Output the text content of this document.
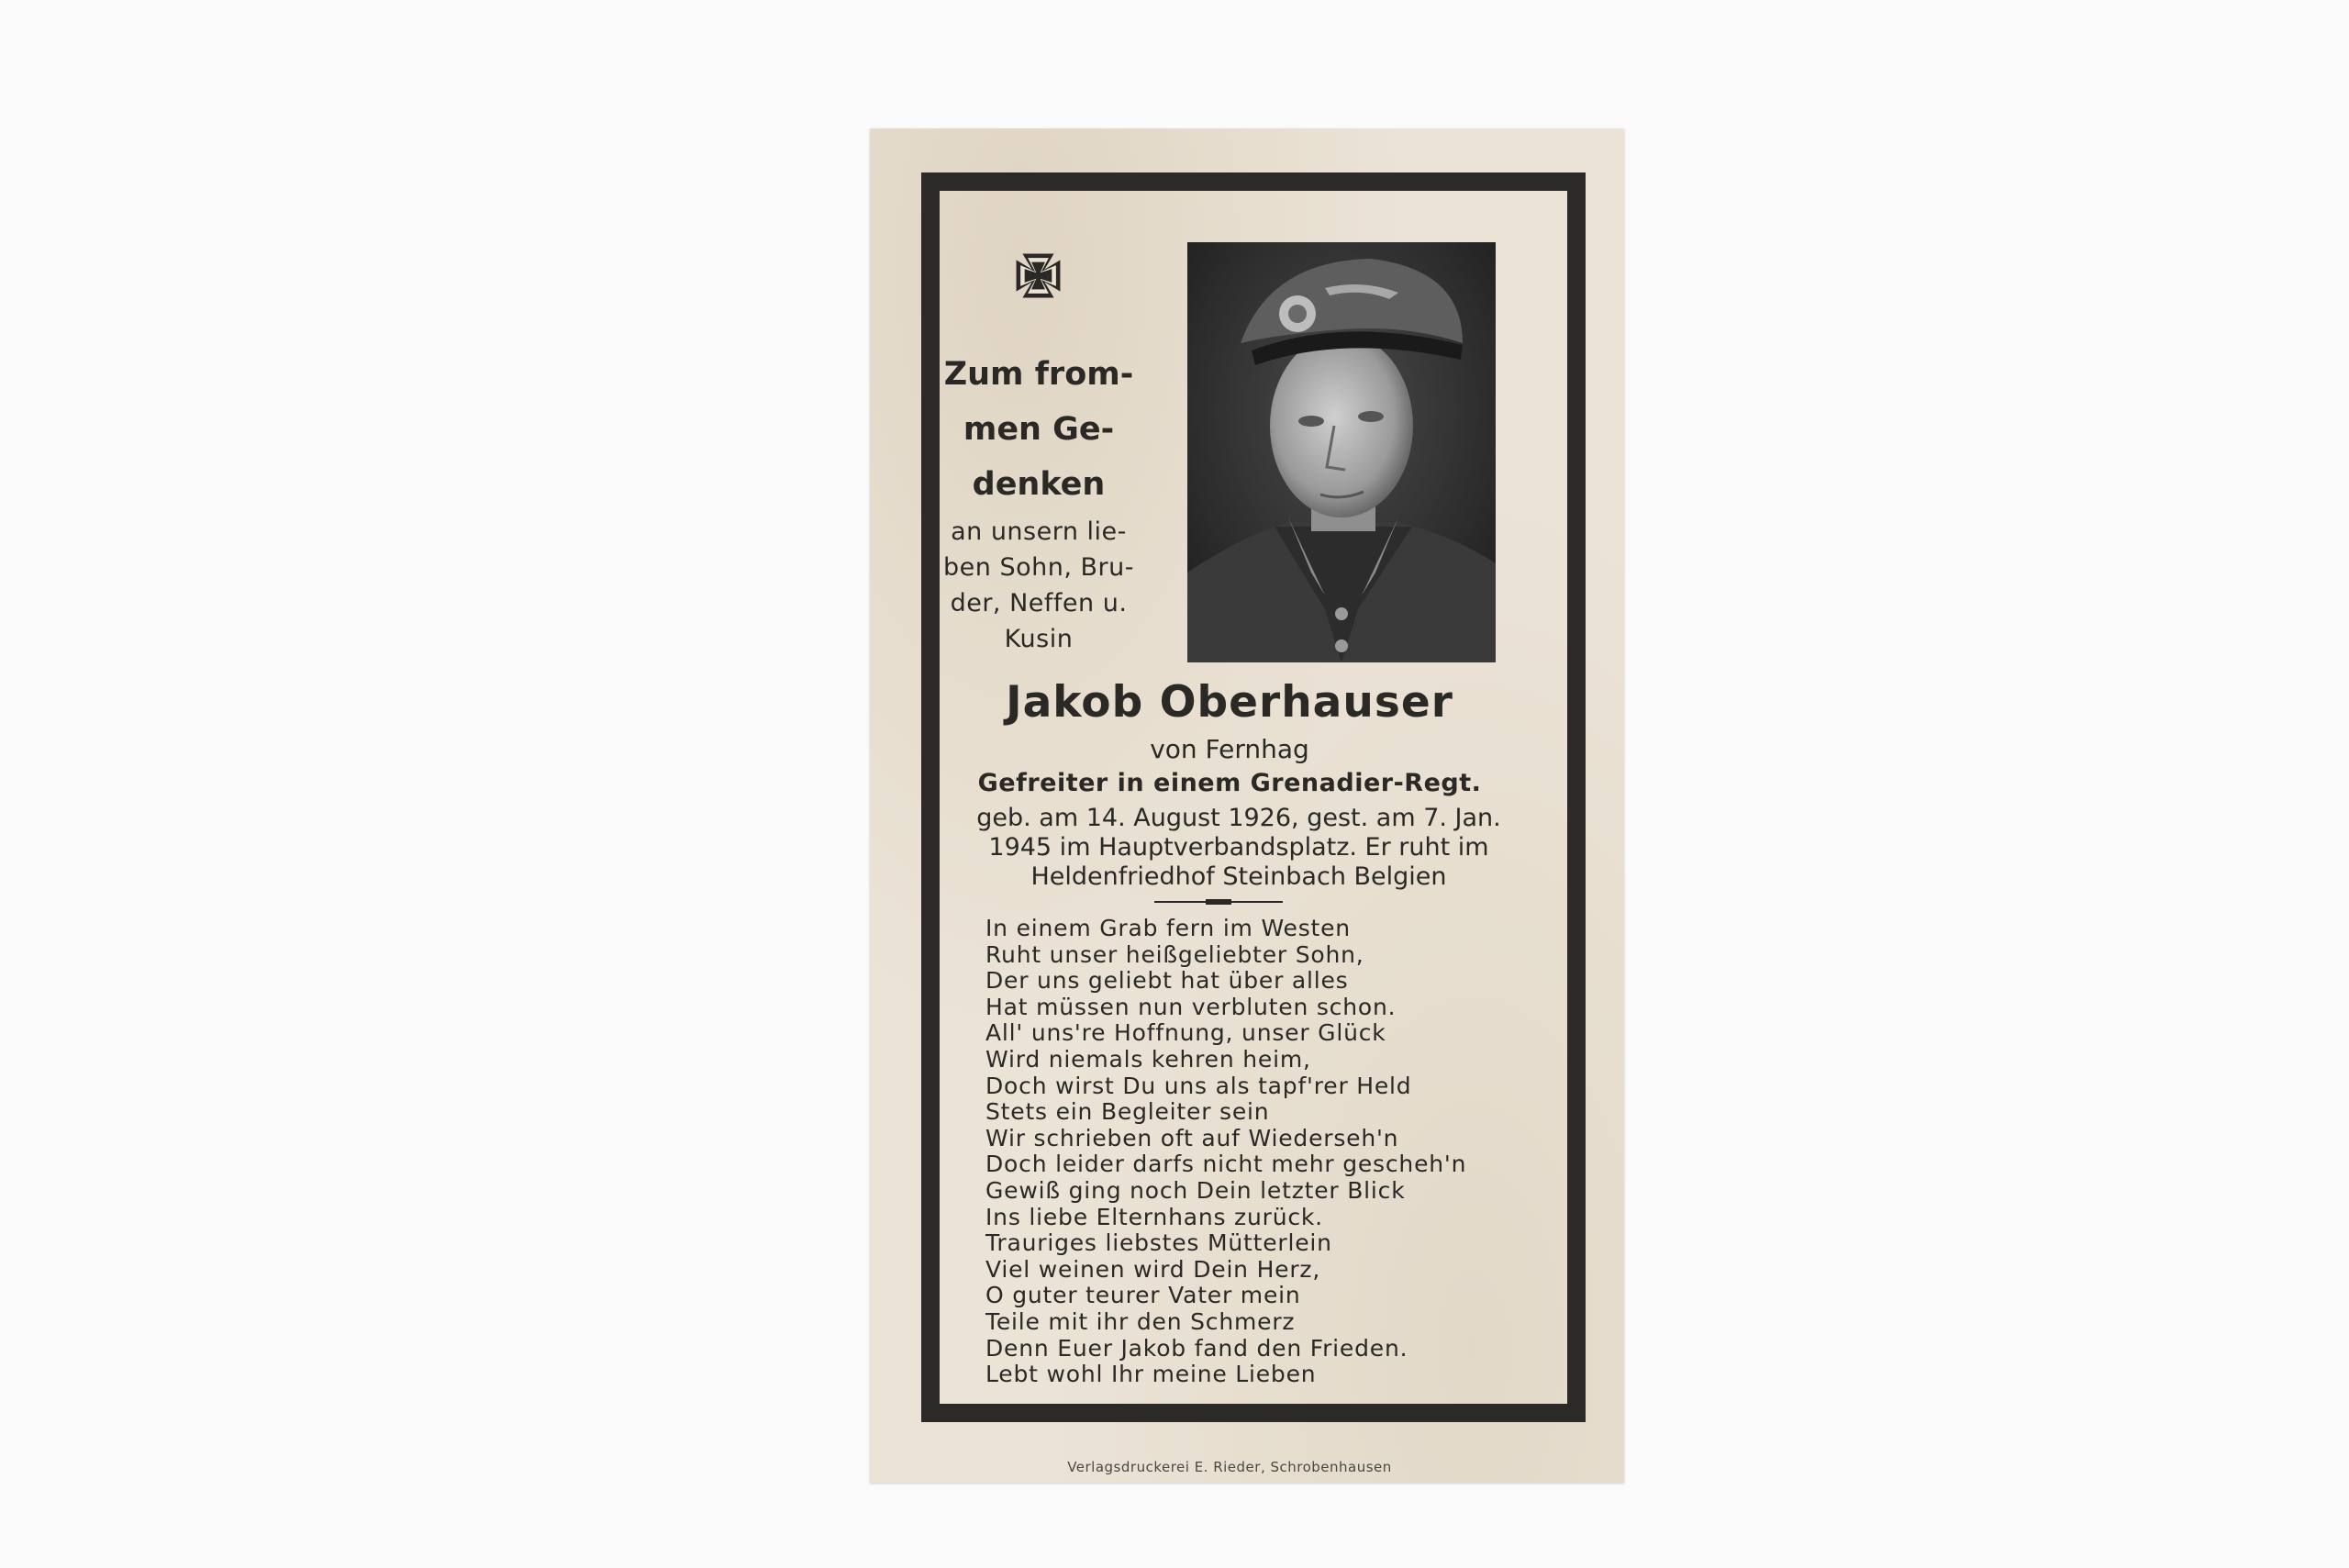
Zum from-
men Ge-
denken
an unsern lie-
ben Sohn, Bru-
der, Neffen u.
Kusin
Jakob Oberhauser
von Fernhag
Gefreiter in einem Grenadier-Regt.
geb. am 14. August 1926, gest. am 7. Jan.
1945 im Hauptverbandsplatz. Er ruht im
Heldenfriedhof Steinbach Belgien
In einem Grab fern im Westen
Ruht unser heißgeliebter Sohn,
Der uns geliebt hat über alles
Hat müssen nun verbluten schon.
All' uns're Hoffnung, unser Glück
Wird niemals kehren heim,
Doch wirst Du uns als tapf'rer Held
Stets ein Begleiter sein
Wir schrieben oft auf Wiederseh'n
Doch leider darfs nicht mehr gescheh'n
Gewiß ging noch Dein letzter Blick
Ins liebe Elternhans zurück.
Trauriges liebstes Mütterlein
Viel weinen wird Dein Herz,
O guter teurer Vater mein
Teile mit ihr den Schmerz
Denn Euer Jakob fand den Frieden.
Lebt wohl Ihr meine Lieben
Verlagsdruckerei E. Rieder, Schrobenhausen
